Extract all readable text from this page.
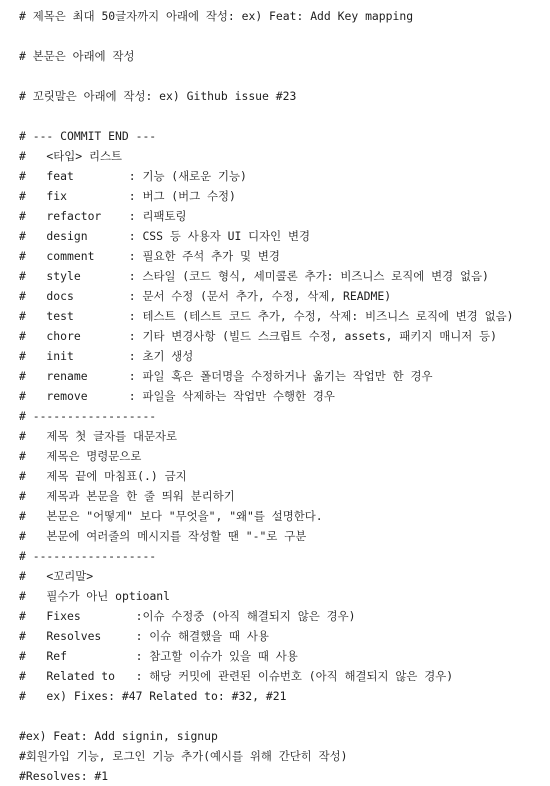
# 제목은 최대 50글자까지 아래에 작성: ex) Feat: Add Key mapping
# 본문은 아래에 작성
# 꼬릿말은 아래에 작성: ex) Github issue #23
# --- COMMIT END ---
#   <타입> 리스트
#   feat        : 기능 (새로운 기능)
#   fix         : 버그 (버그 수정)
#   refactor    : 리팩토링
#   design      : CSS 등 사용자 UI 디자인 변경
#   comment     : 필요한 주석 추가 및 변경
#   style       : 스타일 (코드 형식, 세미콜론 추가: 비즈니스 로직에 변경 없음)
#   docs        : 문서 수정 (문서 추가, 수정, 삭제, README)
#   test        : 테스트 (테스트 코드 추가, 수정, 삭제: 비즈니스 로직에 변경 없음)
#   chore       : 기타 변경사항 (빌드 스크립트 수정, assets, 패키지 매니저 등)
#   init        : 초기 생성
#   rename      : 파일 혹은 폴더명을 수정하거나 옮기는 작업만 한 경우
#   remove      : 파일을 삭제하는 작업만 수행한 경우
# ------------------
#   제목 첫 글자를 대문자로
#   제목은 명령문으로
#   제목 끝에 마침표(.) 금지
#   제목과 본문을 한 줄 띄워 분리하기
#   본문은 "어떻게" 보다 "무엇을", "왜"를 설명한다.
#   본문에 여러줄의 메시지를 작성할 땐 "-"로 구분
# ------------------
#   <꼬리말>
#   필수가 아닌 optioanl
#   Fixes        :이슈 수정중 (아직 해결되지 않은 경우)
#   Resolves     : 이슈 해결했을 때 사용
#   Ref          : 참고할 이슈가 있을 때 사용
#   Related to   : 해당 커밋에 관련된 이슈번호 (아직 해결되지 않은 경우)
#   ex) Fixes: #47 Related to: #32, #21
#ex) Feat: Add signin, signup
#회원가입 기능, 로그인 기능 추가(예시를 위해 간단히 작성)
#Resolves: #1
